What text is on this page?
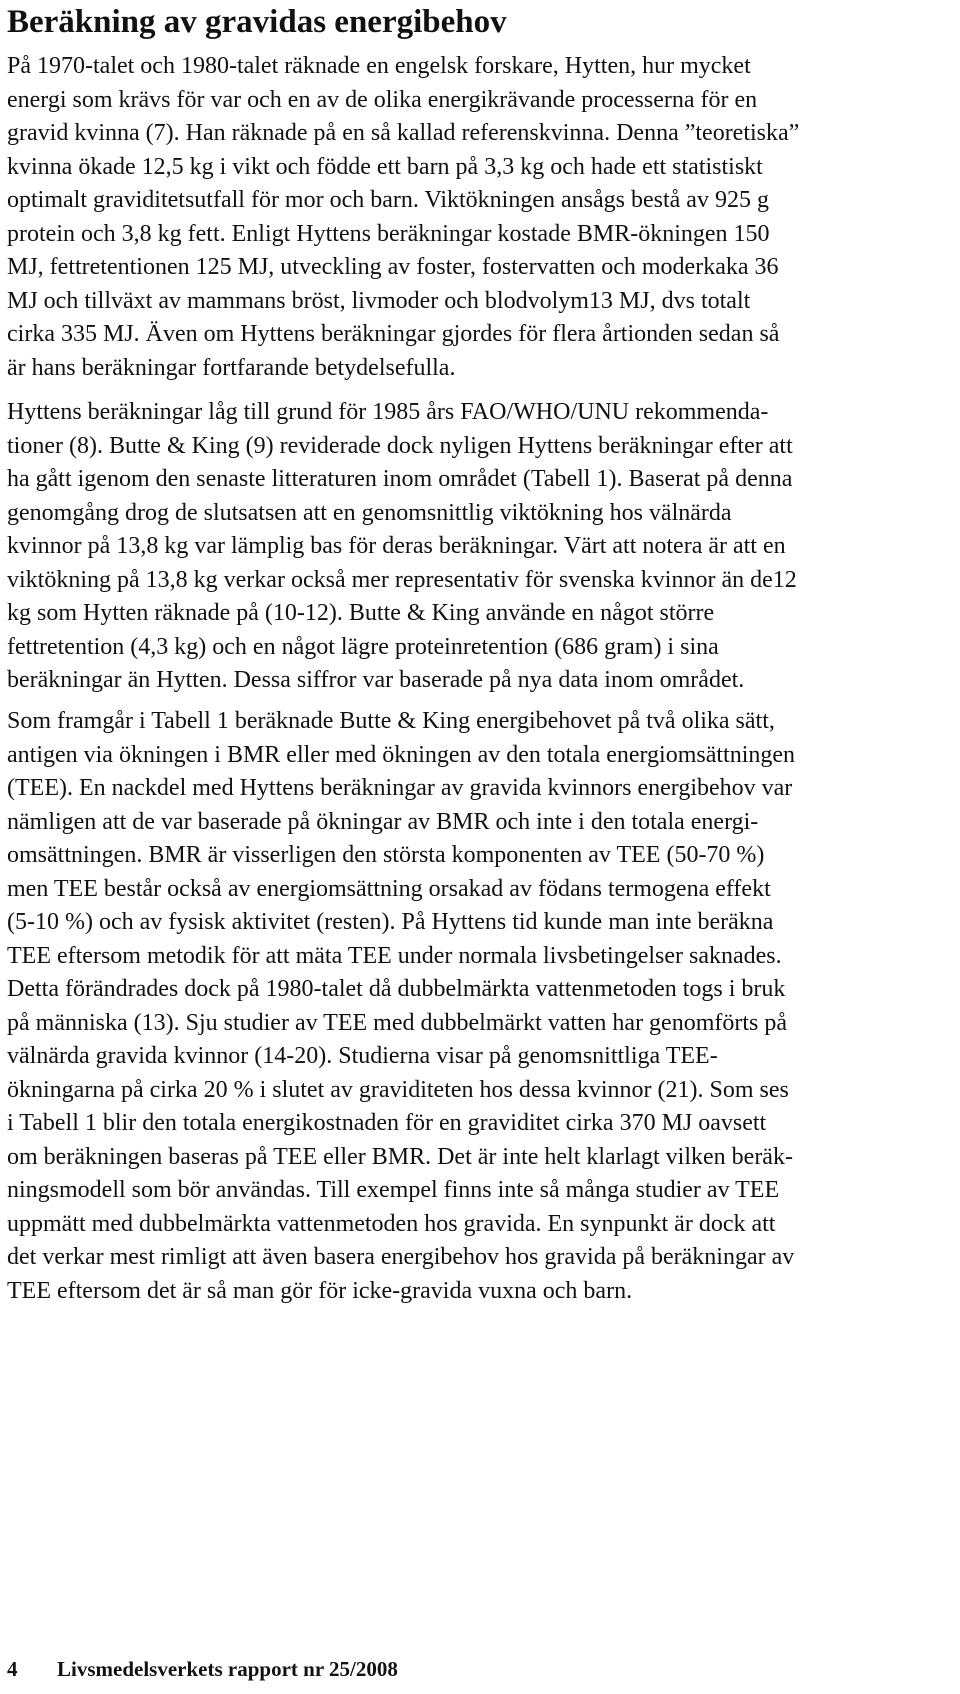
Beräkning av gravidas energibehov
På 1970-talet och 1980-talet räknade en engelsk forskare, Hytten, hur mycket
energi som krävs för var och en av de olika energikrävande processerna för en
gravid kvinna (7). Han räknade på en så kallad referenskvinna. Denna ”teoretiska”
kvinna ökade 12,5 kg i vikt och födde ett barn på 3,3 kg och hade ett statistiskt
optimalt graviditetsutfall för mor och barn. Viktökningen ansågs bestå av 925 g
protein och 3,8 kg fett. Enligt Hyttens beräkningar kostade BMR-ökningen 150
MJ, fettretentionen 125 MJ, utveckling av foster, fostervatten och moderkaka 36
MJ och tillväxt av mammans bröst, livmoder och blodvolym13 MJ, dvs totalt
cirka 335 MJ. Även om Hyttens beräkningar gjordes för flera årtionden sedan så
är hans beräkningar fortfarande betydelsefulla.
Hyttens beräkningar låg till grund för 1985 års FAO/WHO/UNU rekommenda-
tioner (8). Butte & King (9) reviderade dock nyligen Hyttens beräkningar efter att
ha gått igenom den senaste litteraturen inom området (Tabell 1). Baserat på denna
genomgång drog de slutsatsen att en genomsnittlig viktökning hos välnärda
kvinnor på 13,8 kg var lämplig bas för deras beräkningar. Värt att notera är att en
viktökning på 13,8 kg verkar också mer representativ för svenska kvinnor än de12
kg som Hytten räknade på (10-12). Butte & King använde en något större
fettretention (4,3 kg) och en något lägre proteinretention (686 gram) i sina
beräkningar än Hytten. Dessa siffror var baserade på nya data inom området.
Som framgår i Tabell 1 beräknade Butte & King energibehovet på två olika sätt,
antigen via ökningen i BMR eller med ökningen av den totala energiomsättningen
(TEE). En nackdel med Hyttens beräkningar av gravida kvinnors energibehov var
nämligen att de var baserade på ökningar av BMR och inte i den totala energi-
omsättningen. BMR är visserligen den största komponenten av TEE (50-70 %)
men TEE består också av energiomsättning orsakad av födans termogena effekt
(5-10 %) och av fysisk aktivitet (resten). På Hyttens tid kunde man inte beräkna
TEE eftersom metodik för att mäta TEE under normala livsbetingelser saknades.
Detta förändrades dock på 1980-talet då dubbelmärkta vattenmetoden togs i bruk
på människa (13). Sju studier av TEE med dubbelmärkt vatten har genomförts på
välnärda gravida kvinnor (14-20). Studierna visar på genomsnittliga TEE-
ökningarna på cirka 20 % i slutet av graviditeten hos dessa kvinnor (21). Som ses
i Tabell 1 blir den totala energikostnaden för en graviditet cirka 370 MJ oavsett
om beräkningen baseras på TEE eller BMR. Det är inte helt klarlagt vilken beräk-
ningsmodell som bör användas. Till exempel finns inte så många studier av TEE
uppmätt med dubbelmärkta vattenmetoden hos gravida. En synpunkt är dock att
det verkar mest rimligt att även basera energibehov hos gravida på beräkningar av
TEE eftersom det är så man gör för icke-gravida vuxna och barn.
4 Livsmedelsverkets rapport nr 25/2008
